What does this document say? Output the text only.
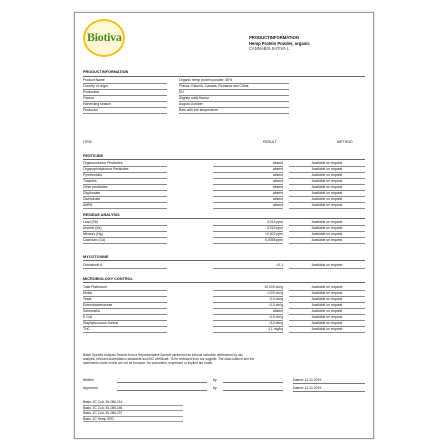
Biotiva	PRODUCTINFORMATION
Hemp Protein Powder, organic
CANNABIS SATIVA L
PRODUCTINFORMATION
Product Name	Organic hemp protein powder, 50%
Country of origin	France, Estonia, Canada, Romania and China
Production	EU
Flavour	Slightly nutty flavour
Harvesting season	August-October
Produced	Raw with low temperature
ITEM	RESULT	METHOD
PESTICIDE
Organochlorine Pesticides	absent	Available on request
Organophosphorus Pesticides	absent	Available on request
Pyrethroides	absent	Available on request
Triazines	absent	Available on request
Other pesticides	absent	Available on request
Glyphosate	absent	Available on request
Glufosinate	absent	Available on request
AMPA	absent	Available on request
RESIDUE ANALYSIS
Lead (Pb)	0,014 ppm	Available on request
Arsenic (As)	0,019 ppm	Available on request
Mercury (Hg)	<0,002 ppm	Available on request
Cadmium (Cd)	0,0058 ppm	Available on request
MYCOTOXINE
Ochratoxin A	<0,1	Available on request
MICROBIOLOGY CONTROL
Total Platecount	10.000 cfu/g	Available on request
Molds	<100 cfu/g	Available on request
Yeast	<10 cfu/g	Available on request
Enterobacteriaceae	<10 cfu/g	Available on request
Salmonella	absent	Available on request
E.Coli	<10 cfu/g	Available on request
Staphylococcus Aureus	<10 cfu/g	Available on request
THC	1,1 mg/kg	Available on request
Batch Specific Analysis Results from a Representative Sample performed as internal schedule determined by risk
analysis, relevant accreditation standards and BIO certificate. To be reviewed from our supplier. The data outlined and the
statements made herein are not all inclusive. No warranties, expressed or implied are made.
Written	by	Datum: 11.11.2019
Approved	by	Datum: 11.11.2019
Basis: ZC CoA, BL-086-214
Basis: ZC CoA, BL-086-166
Basis: ZC CoA, BL-086-237
Basis: ZC Hemp SRG
